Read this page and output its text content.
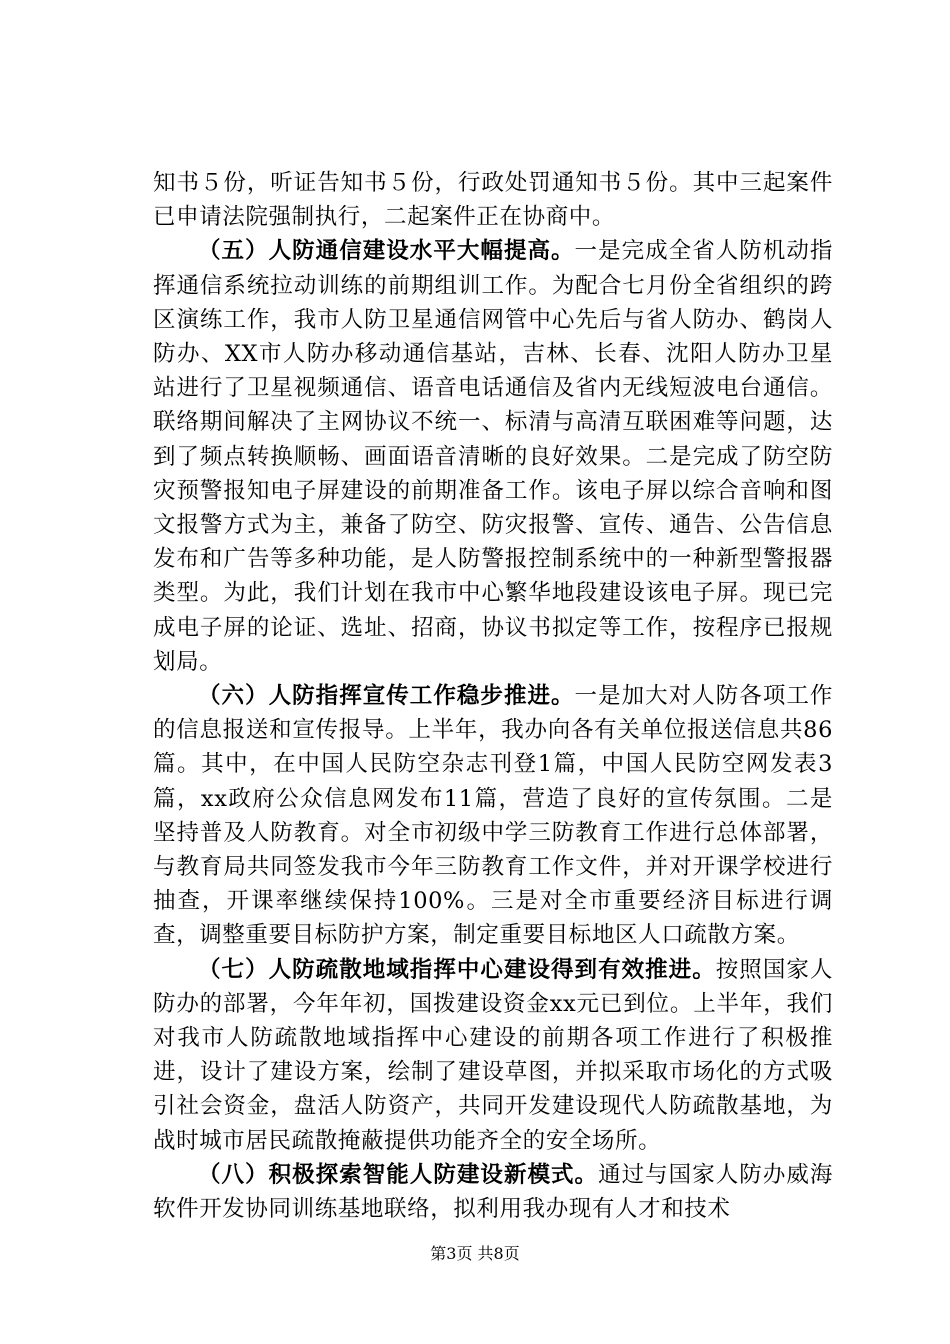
知书５份，听证告知书５份，行政处罚通知书５份。其中三起案件已申请法院强制执行，二起案件正在协商中。

（五）人防通信建设水平大幅提高。一是完成全省人防机动指挥通信系统拉动训练的前期组训工作。为配合七月份全省组织的跨区演练工作，我市人防卫星通信网管中心先后与省人防办、鹤岗人防办、XX市人防办移动通信基站，吉林、长春、沈阳人防办卫星站进行了卫星视频通信、语音电话通信及省内无线短波电台通信。联络期间解决了主网协议不统一、标清与高清互联困难等问题，达到了频点转换顺畅、画面语音清晰的良好效果。二是完成了防空防灾预警报知电子屏建设的前期准备工作。该电子屏以综合音响和图文报警方式为主，兼备了防空、防灾报警、宣传、通告、公告信息发布和广告等多种功能，是人防警报控制系统中的一种新型警报器类型。为此，我们计划在我市中心繁华地段建设该电子屏。现已完成电子屏的论证、选址、招商，协议书拟定等工作，按程序已报规划局。

（六）人防指挥宣传工作稳步推进。一是加大对人防各项工作的信息报送和宣传报导。上半年，我办向各有关单位报送信息共86篇。其中，在中国人民防空杂志刊登1篇，中国人民防空网发表3篇，xx政府公众信息网发布11篇，营造了良好的宣传氛围。二是坚持普及人防教育。对全市初级中学三防教育工作进行总体部署，与教育局共同签发我市今年三防教育工作文件，并对开课学校进行抽查，开课率继续保持100%。三是对全市重要经济目标进行调查，调整重要目标防护方案，制定重要目标地区人口疏散方案。

（七）人防疏散地域指挥中心建设得到有效推进。按照国家人防办的部署，今年年初，国拨建设资金xx元已到位。上半年，我们对我市人防疏散地域指挥中心建设的前期各项工作进行了积极推进，设计了建设方案，绘制了建设草图，并拟采取市场化的方式吸引社会资金，盘活人防资产，共同开发建设现代人防疏散基地，为战时城市居民疏散掩蔽提供功能齐全的安全场所。

（八）积极探索智能人防建设新模式。通过与国家人防办威海软件开发协同训练基地联络，拟利用我办现有人才和技术

第3页 共8页
